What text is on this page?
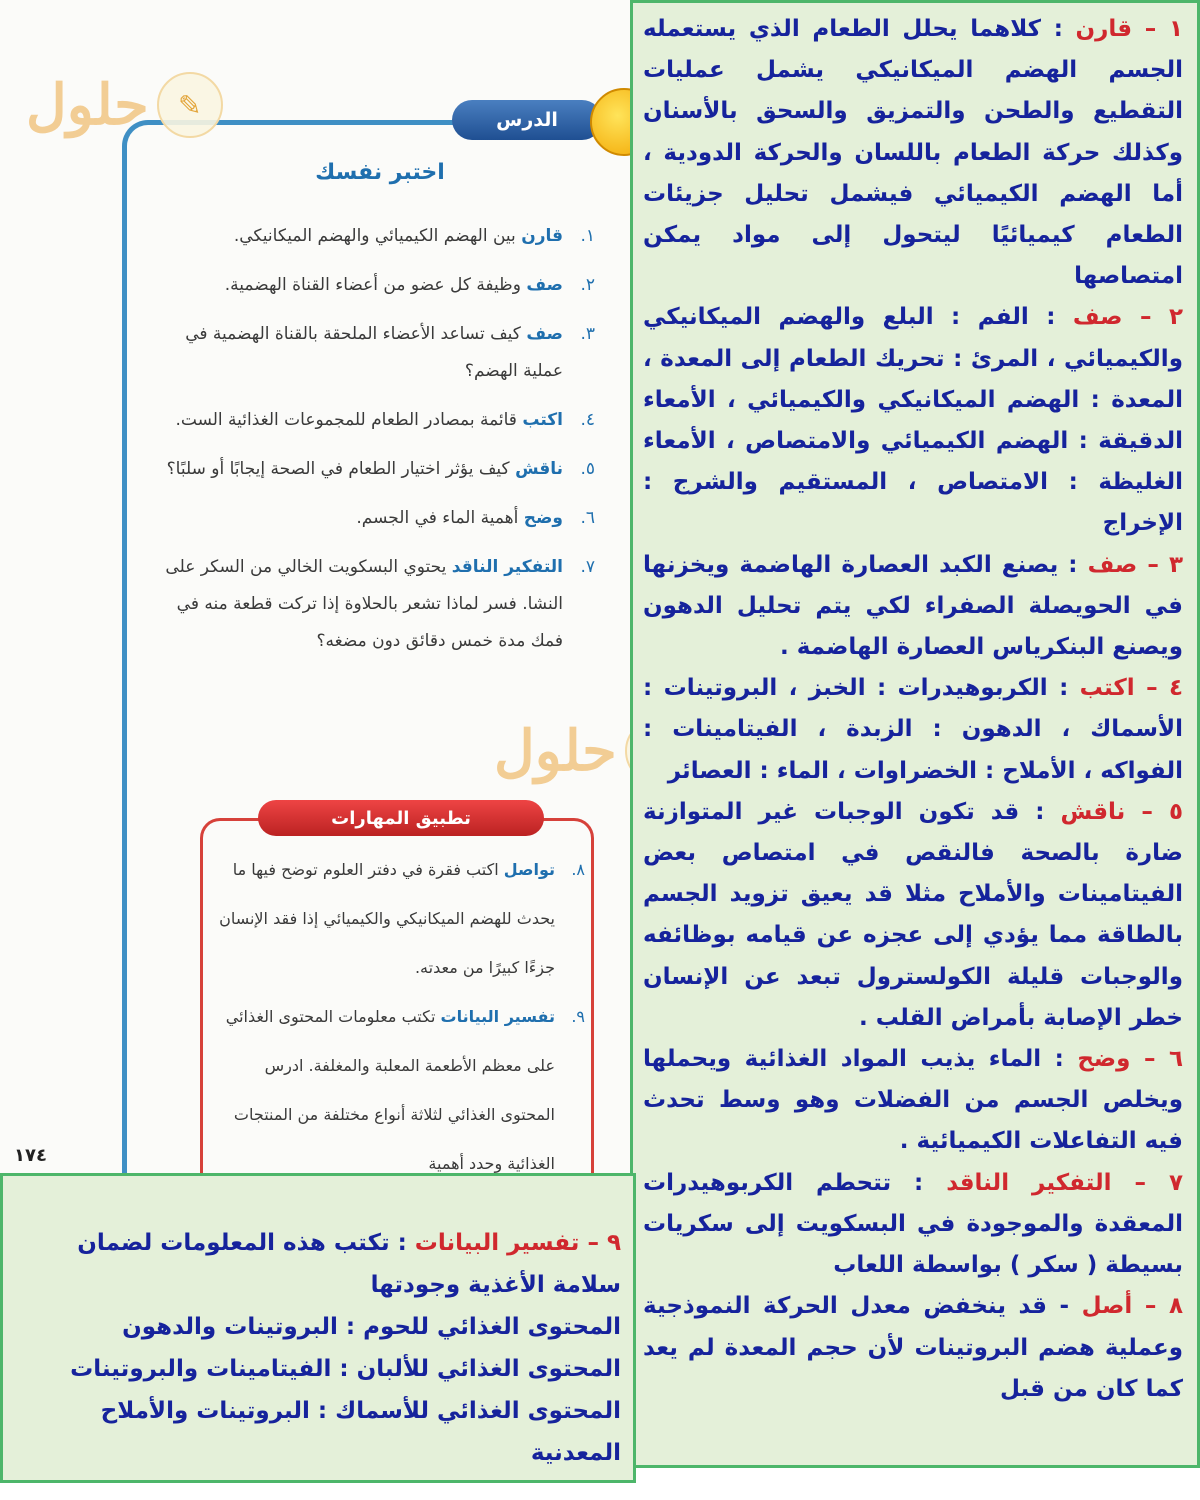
الدرس
✎
حلول
حلول
اختبر نفسك
١.
قارن بين الهضم الكيميائي والهضم الميكانيكي.
٢.
صف وظيفة كل عضو من أعضاء القناة الهضمية.
٣.
صف كيف تساعد الأعضاء الملحقة بالقناة الهضمية في عملية الهضم؟
٤.
اكتب قائمة بمصادر الطعام للمجموعات الغذائية الست.
٥.
ناقش كيف يؤثر اختيار الطعام في الصحة إيجابًا أو سلبًا؟
٦.
وضح أهمية الماء في الجسم.
٧.
التفكير الناقد يحتوي البسكويت الخالي من السكر على النشا. فسر لماذا تشعر بالحلاوة إذا تركت قطعة منه في فمك مدة خمس دقائق دون مضغه؟
تطبيق المهارات
٨.
تواصل اكتب فقرة في دفتر العلوم توضح فيها ما يحدث للهضم الميكانيكي والكيميائي إذا فقد الإنسان جزءًا كبيرًا من معدته.
٩.
تفسير البيانات تكتب معلومات المحتوى الغذائي على معظم الأطعمة المعلبة والمغلفة. ادرس المحتوى الغذائي لثلاثة أنواع مختلفة من المنتجات الغذائية وحدد أهمية
١٧٤
١ – قارن : كلاهما يحلل الطعام الذي يستعمله الجسم الهضم الميكانيكي يشمل عمليات التقطيع والطحن والتمزيق والسحق بالأسنان وكذلك حركة الطعام باللسان والحركة الدودية ، أما الهضم الكيميائي فيشمل تحليل جزيئات الطعام كيميائيًا ليتحول إلى مواد يمكن امتصاصها
٢ – صف : الفم : البلع والهضم الميكانيكي والكيميائي ، المرئ : تحريك الطعام إلى المعدة ، المعدة : الهضم الميكانيكي والكيميائي ، الأمعاء الدقيقة : الهضم الكيميائي والامتصاص ، الأمعاء الغليظة : الامتصاص ، المستقيم والشرج : الإخراج
٣ – صف : يصنع الكبد العصارة الهاضمة ويخزنها في الحويصلة الصفراء لكي يتم تحليل الدهون ويصنع البنكرياس العصارة الهاضمة .
٤ – اكتب : الكربوهيدرات : الخبز ، البروتينات : الأسماك ، الدهون : الزبدة ، الفيتامينات : الفواكه ، الأملاح : الخضراوات ، الماء : العصائر
٥ – ناقش : قد تكون الوجبات غير المتوازنة ضارة بالصحة فالنقص في امتصاص بعض الفيتامينات والأملاح مثلا قد يعيق تزويد الجسم بالطاقة مما يؤدي إلى عجزه عن قيامه بوظائفه والوجبات قليلة الكولسترول تبعد عن الإنسان خطر الإصابة بأمراض القلب .
٦ – وضح : الماء يذيب المواد الغذائية ويحملها ويخلص الجسم من الفضلات وهو وسط تحدث فيه التفاعلات الكيميائية .
٧ – التفكير الناقد : تتحطم الكربوهيدرات المعقدة والموجودة في البسكويت إلى سكريات بسيطة ( سكر ) بواسطة اللعاب
٨ – أصل - قد ينخفض معدل الحركة النموذجية وعملية هضم البروتينات لأن حجم المعدة لم يعد كما كان من قبل
٩ – تفسير البيانات : تكتب هذه المعلومات لضمان سلامة الأغذية وجودتها
المحتوى الغذائي للحوم : البروتينات والدهون
المحتوى الغذائي للألبان : الفيتامينات والبروتينات
المحتوى الغذائي للأسماك : البروتينات والأملاح المعدنية
